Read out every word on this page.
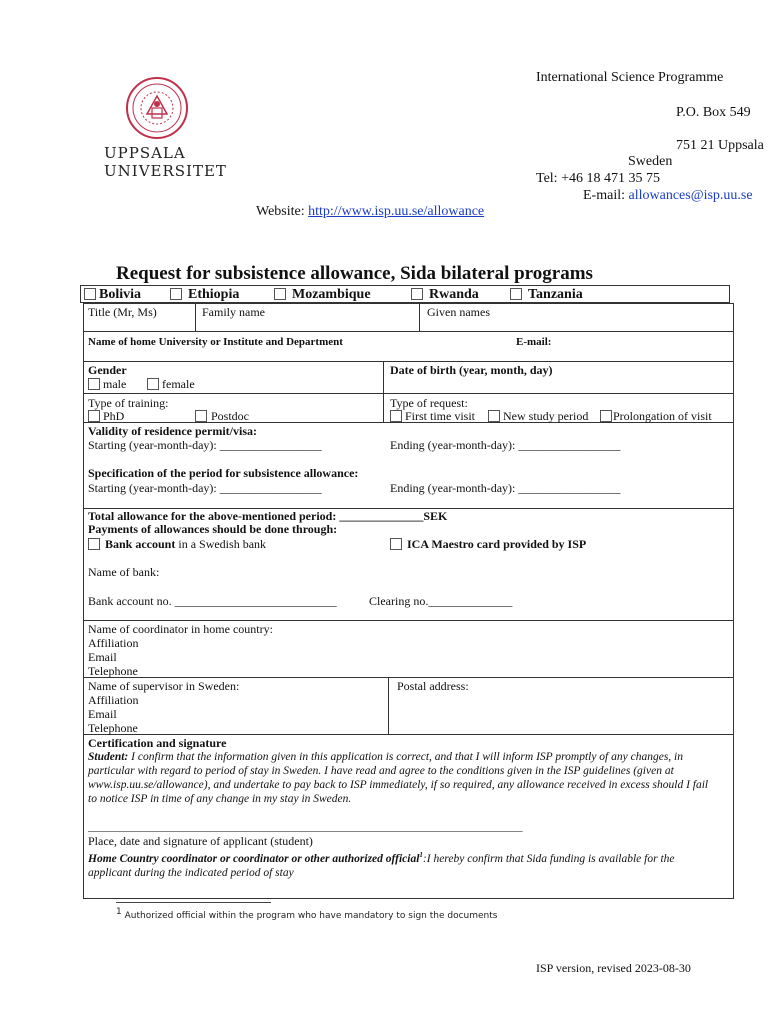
UPPSALA
UNIVERSITET
International Science Programme
P.O. Box 549
751 21 Uppsala
Sweden
Tel: +46 18 471 35 75
E-mail: allowances@isp.uu.se
Website: http://www.isp.uu.se/allowance
Request for subsistence allowance, Sida bilateral programs
Bolivia	Ethiopia	Mozambique	Rwanda	Tanzania
Title (Mr, Ms)	Family name	Given names
Name of home University or Institute and Department	E-mail:
Gender
male	female
Date of birth (year, month, day)
Type of training:
PhD	Postdoc
Type of request:
First time visit	New study period	Prolongation of visit
Validity of residence permit/visa:
Starting (year-month-day): _________________	Ending (year-month-day): _________________
Specification of the period for subsistence allowance:
Starting (year-month-day): _________________	Ending (year-month-day): _________________
Total allowance for the above-mentioned period: ______________SEK
Payments of allowances should be done through:
Bank account in a Swedish bank	ICA Maestro card provided by ISP
Name of bank:
Bank account no. ___________________________	Clearing no.______________
Name of coordinator in home country:
Affiliation
Email
Telephone
Name of supervisor in Sweden:
Affiliation
Email
Telephone
Postal address:
Certification and signature
Student: I confirm that the information given in this application is correct, and that I will inform ISP promptly of any changes, in particular with regard to period of stay in Sweden. I have read and agree to the conditions given in the ISP guidelines (given at www.isp.uu.se/allowance), and undertake to pay back to ISP immediately, if so required, any allowance received in excess should I fail to notice ISP in time of any change in my stay in Sweden.
_______________________________________________________________________________
Place, date and signature of applicant (student)
Home Country coordinator or coordinator or other authorized official$^1$:I hereby confirm that Sida funding is available for the applicant during the indicated period of stay
$^1$ Authorized official within the program who have mandatory to sign the documents
ISP version, revised 2023-08-30
